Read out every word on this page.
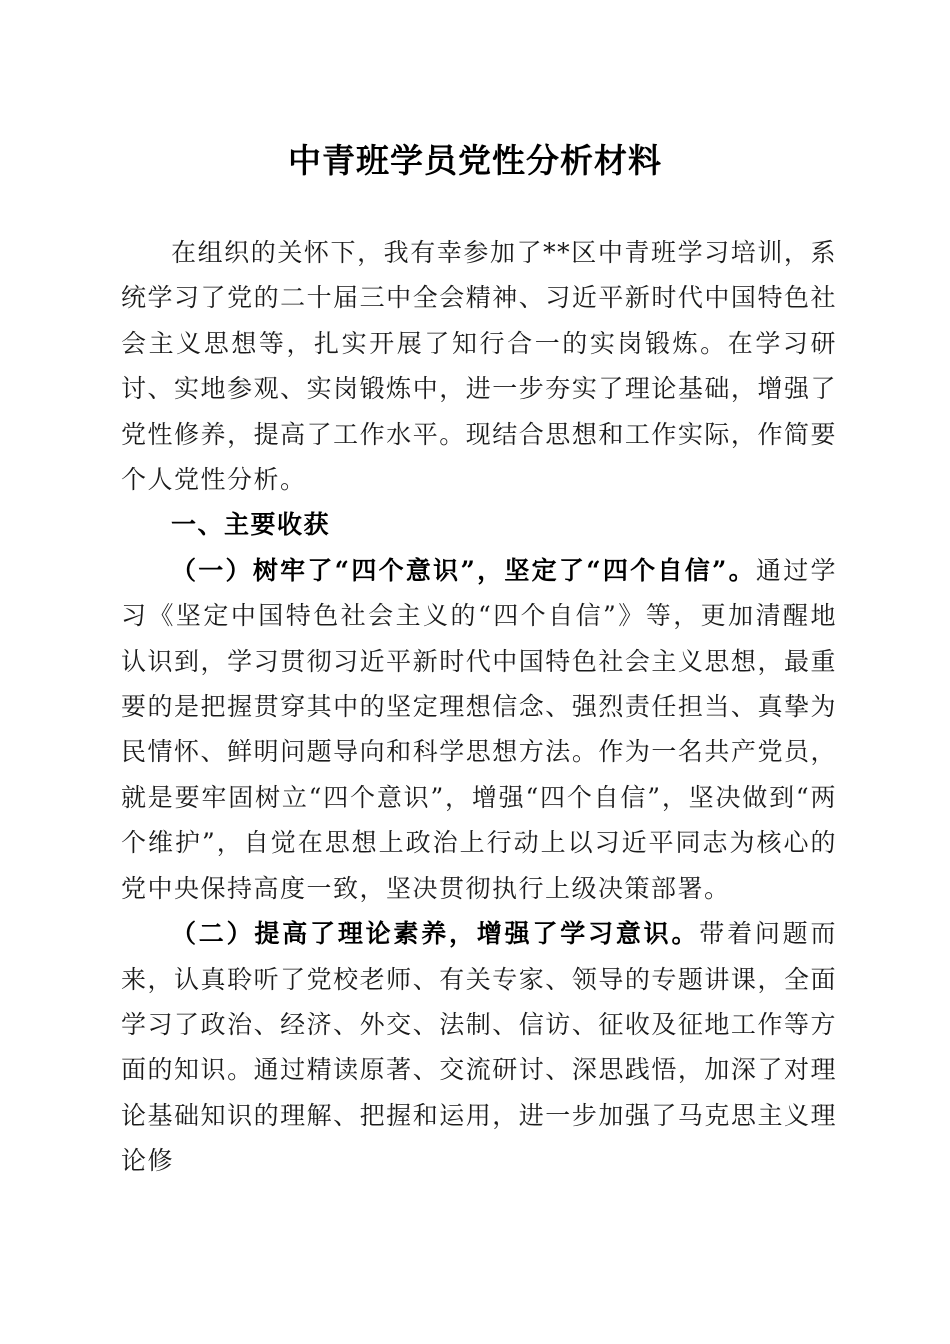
中青班学员党性分析材料

在组织的关怀下，我有幸参加了**区中青班学习培训，系统学习了党的二十届三中全会精神、习近平新时代中国特色社会主义思想等，扎实开展了知行合一的实岗锻炼。在学习研讨、实地参观、实岗锻炼中，进一步夯实了理论基础，增强了党性修养，提高了工作水平。现结合思想和工作实际，作简要个人党性分析。

一、主要收获

（一）树牢了“四个意识”，坚定了“四个自信”。通过学习《坚定中国特色社会主义的“四个自信”》等，更加清醒地认识到，学习贯彻习近平新时代中国特色社会主义思想，最重要的是把握贯穿其中的坚定理想信念、强烈责任担当、真挚为民情怀、鲜明问题导向和科学思想方法。作为一名共产党员，就是要牢固树立“四个意识”，增强“四个自信”，坚决做到“两个维护”，自觉在思想上政治上行动上以习近平同志为核心的党中央保持高度一致，坚决贯彻执行上级决策部署。

（二）提高了理论素养，增强了学习意识。带着问题而来，认真聆听了党校老师、有关专家、领导的专题讲课，全面学习了政治、经济、外交、法制、信访、征收及征地工作等方面的知识。通过精读原著、交流研讨、深思践悟，加深了对理论基础知识的理解、把握和运用，进一步加强了马克思主义理论修
